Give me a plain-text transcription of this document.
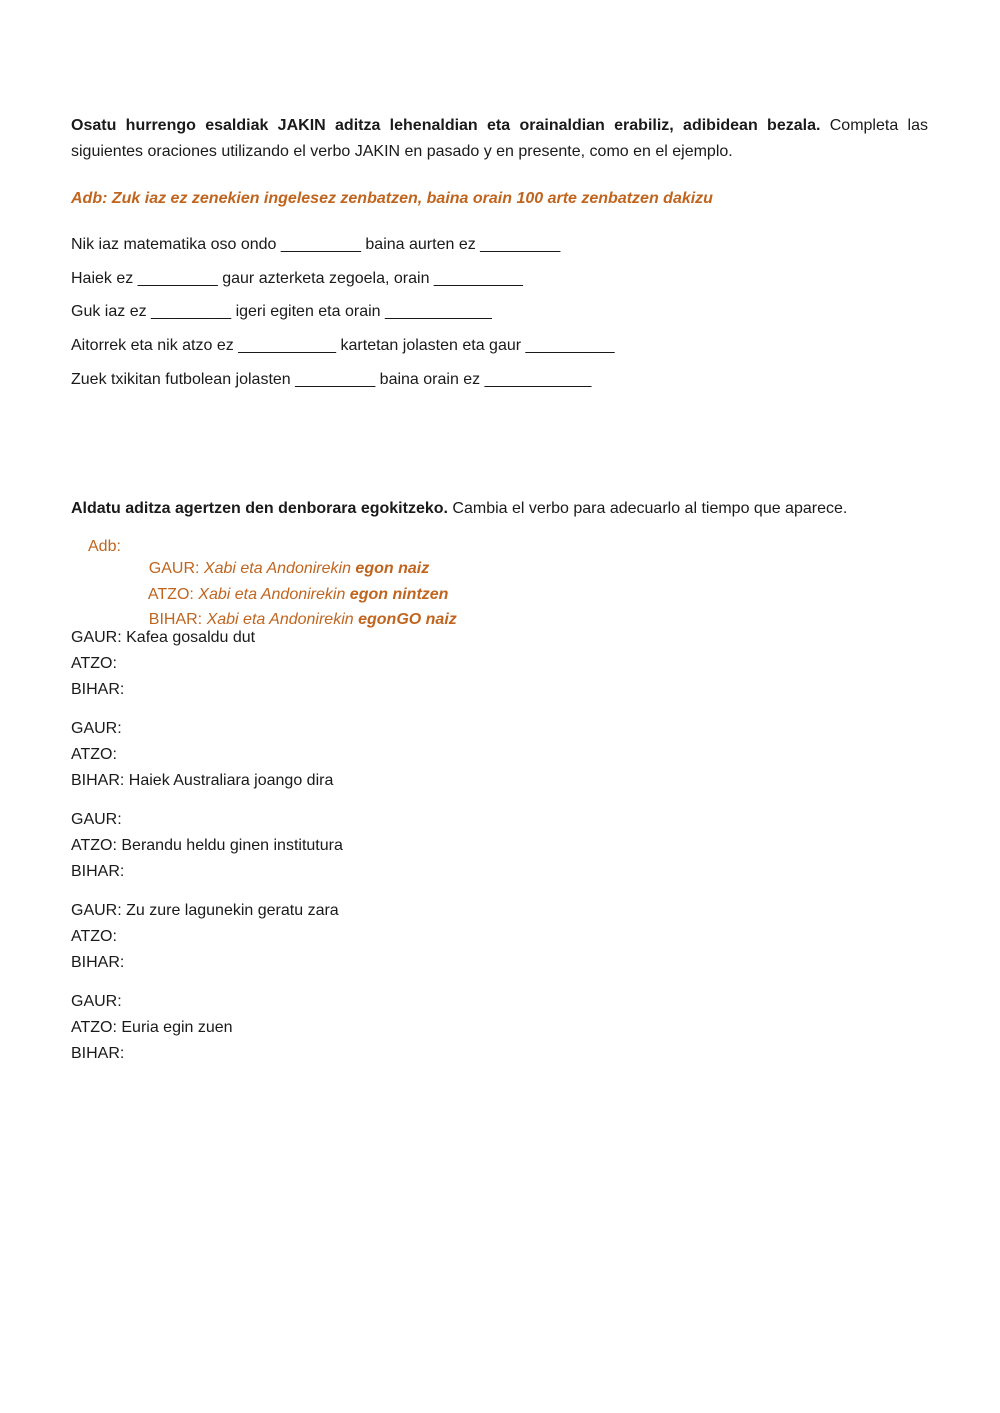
Osatu hurrengo esaldiak JAKIN aditza lehenaldian eta orainaldian erabiliz, adibidean bezala. Completa las siguientes oraciones utilizando el verbo JAKIN en pasado y en presente, como en el ejemplo.
Adb: Zuk iaz ez zenekien ingelesez zenbatzen, baina orain 100 arte zenbatzen dakizu
Nik iaz matematika oso ondo _________ baina aurten ez _________
Haiek ez _________ gaur azterketa zegoela, orain __________
Guk iaz ez _________ igeri egiten eta orain ____________
Aitorrek eta nik atzo ez ___________ kartetan jolasten eta gaur __________
Zuek txikitan futbolean jolasten _________ baina orain ez ____________
Aldatu aditza agertzen den denborara egokitzeko. Cambia el verbo para adecuarlo al tiempo que aparece.
Adb:

GAUR: Xabi eta Andonirekin egon naiz

ATZO: Xabi eta Andonirekin egon nintzen

BIHAR: Xabi eta Andonirekin egonGO naiz

GAUR: Kafea gosaldu dut
ATZO:
BIHAR:
GAUR:
ATZO:
BIHAR: Haiek Australiara joango dira
GAUR:
ATZO: Berandu heldu ginen institutura
BIHAR:
GAUR: Zu zure lagunekin geratu zara
ATZO:
BIHAR:
GAUR:
ATZO: Euria egin zuen
BIHAR:
